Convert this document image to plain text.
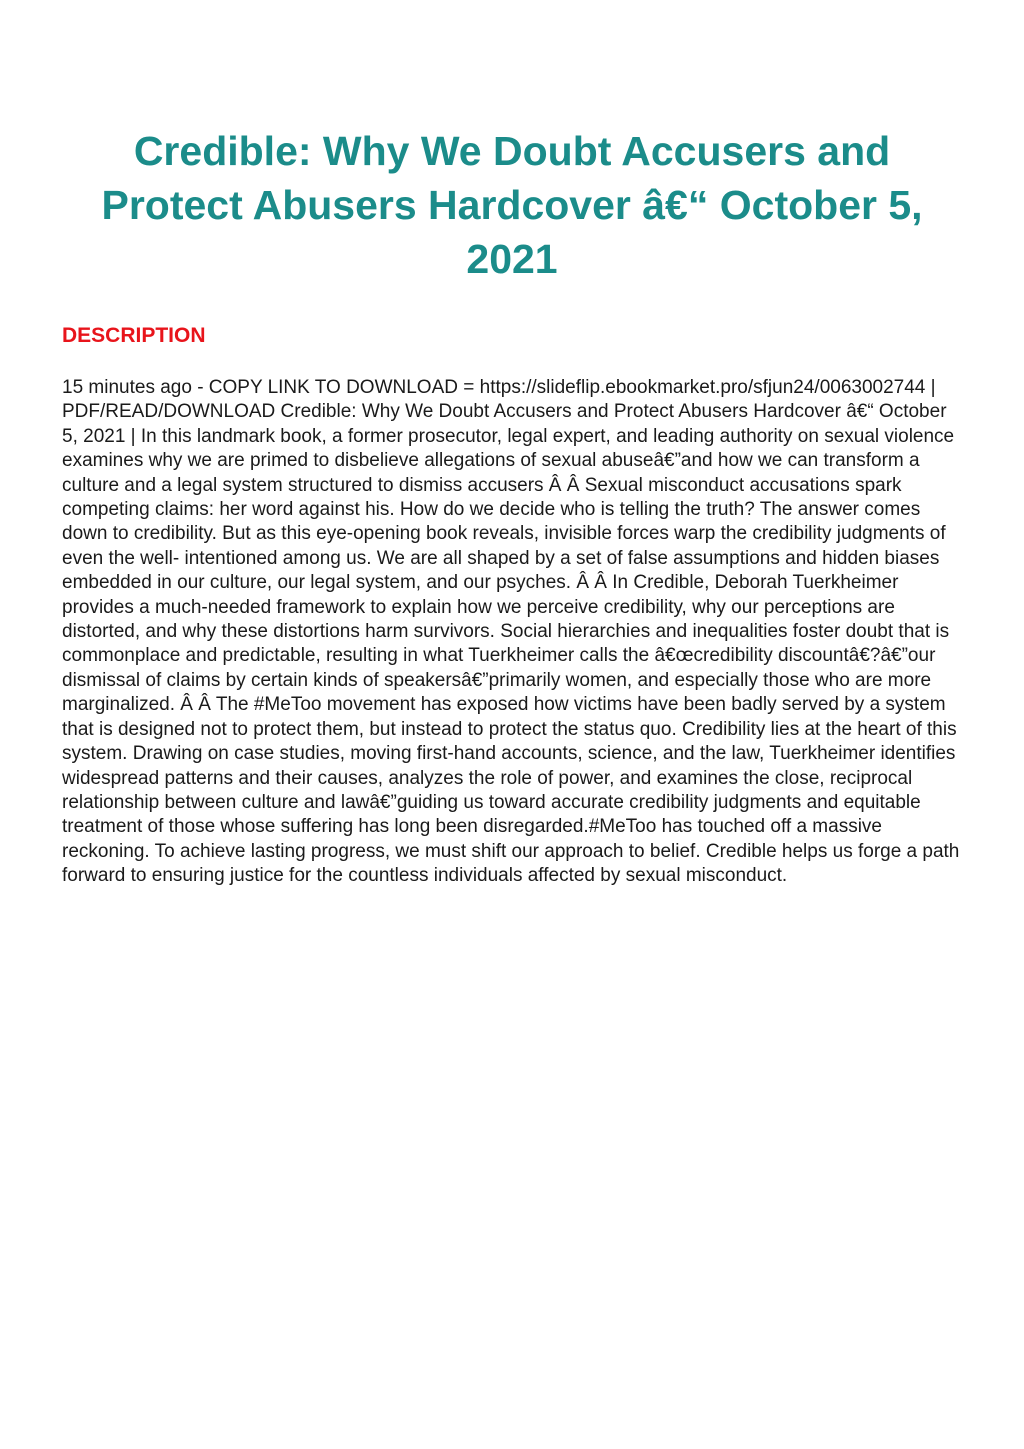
Credible: Why We Doubt Accusers and Protect Abusers Hardcover â€“ October 5, 2021
DESCRIPTION

15 minutes ago - COPY LINK TO DOWNLOAD = https://slideflip.ebookmarket.pro/sfjun24/0063002744 | PDF/READ/DOWNLOAD Credible: Why We Doubt Accusers and Protect Abusers Hardcover â€“ October 5, 2021 | In this landmark book, a former prosecutor, legal expert, and leading authority on sexual violence examines why we are primed to disbelieve allegations of sexual abuseâ€”and how we can transform a culture and a legal system structured to dismiss accusers Â Â Sexual misconduct accusations spark competing claims: her word against his. How do we decide who is telling the truth? The answer comes down to credibility. But as this eye-opening book reveals, invisible forces warp the credibility judgments of even the well- intentioned among us. We are all shaped by a set of false assumptions and hidden biases embedded in our culture, our legal system, and our psyches. Â Â In Credible, Deborah Tuerkheimer provides a much-needed framework to explain how we perceive credibility, why our perceptions are distorted, and why these distortions harm survivors. Social hierarchies and inequalities foster doubt that is commonplace and predictable, resulting in what Tuerkheimer calls the â€œcredibility discountâ€?â€”our dismissal of claims by certain kinds of speakersâ€”primarily women, and especially those who are more marginalized. Â Â The #MeToo movement has exposed how victims have been badly served by a system that is designed not to protect them, but instead to protect the status quo. Credibility lies at the heart of this system. Drawing on case studies, moving first-hand accounts, science, and the law, Tuerkheimer identifies widespread patterns and their causes, analyzes the role of power, and examines the close, reciprocal relationship between culture and lawâ€”guiding us toward accurate credibility judgments and equitable treatment of those whose suffering has long been disregarded.#MeToo has touched off a massive reckoning. To achieve lasting progress, we must shift our approach to belief. Credible helps us forge a path forward to ensuring justice for the countless individuals affected by sexual misconduct.
